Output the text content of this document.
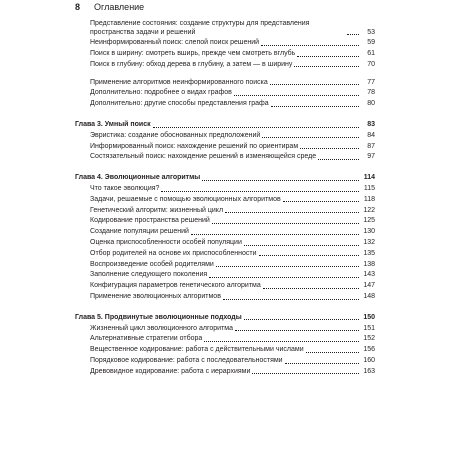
8 Оглавление
Представление состояния: создание структуры для представления пространства задачи и решений	53
Неинформированный поиск: слепой поиск решений	59
Поиск в ширину: смотреть вширь, прежде чем смотреть вглубь	61
Поиск в глубину: обход дерева в глубину, а затем — в ширину	70
Применение алгоритмов неинформированного поиска	77
Дополнительно: подробнее о видах графов	78
Дополнительно: другие способы представления графа	80
Глава 3. Умный поиск	83
Эвристика: создание обоснованных предположений	84
Информированный поиск: нахождение решений по ориентирам	87
Состязательный поиск: нахождение решений в изменяющейся среде	97
Глава 4. Эволюционные алгоритмы	114
Что такое эволюция?	115
Задачи, решаемые с помощью эволюционных алгоритмов	118
Генетический алгоритм: жизненный цикл	122
Кодирование пространства решений	125
Создание популяции решений	130
Оценка приспособленности особей популяции	132
Отбор родителей на основе их приспособленности	135
Воспроизведение особей родителями	138
Заполнение следующего поколения	143
Конфигурация параметров генетического алгоритма	147
Применение эволюционных алгоритмов	148
Глава 5. Продвинутые эволюционные подходы	150
Жизненный цикл эволюционного алгоритма	151
Альтернативные стратегии отбора	152
Вещественное кодирование: работа с действительными числами	156
Порядковое кодирование: работа с последовательностями	160
Древовидное кодирование: работа с иерархиями	163
